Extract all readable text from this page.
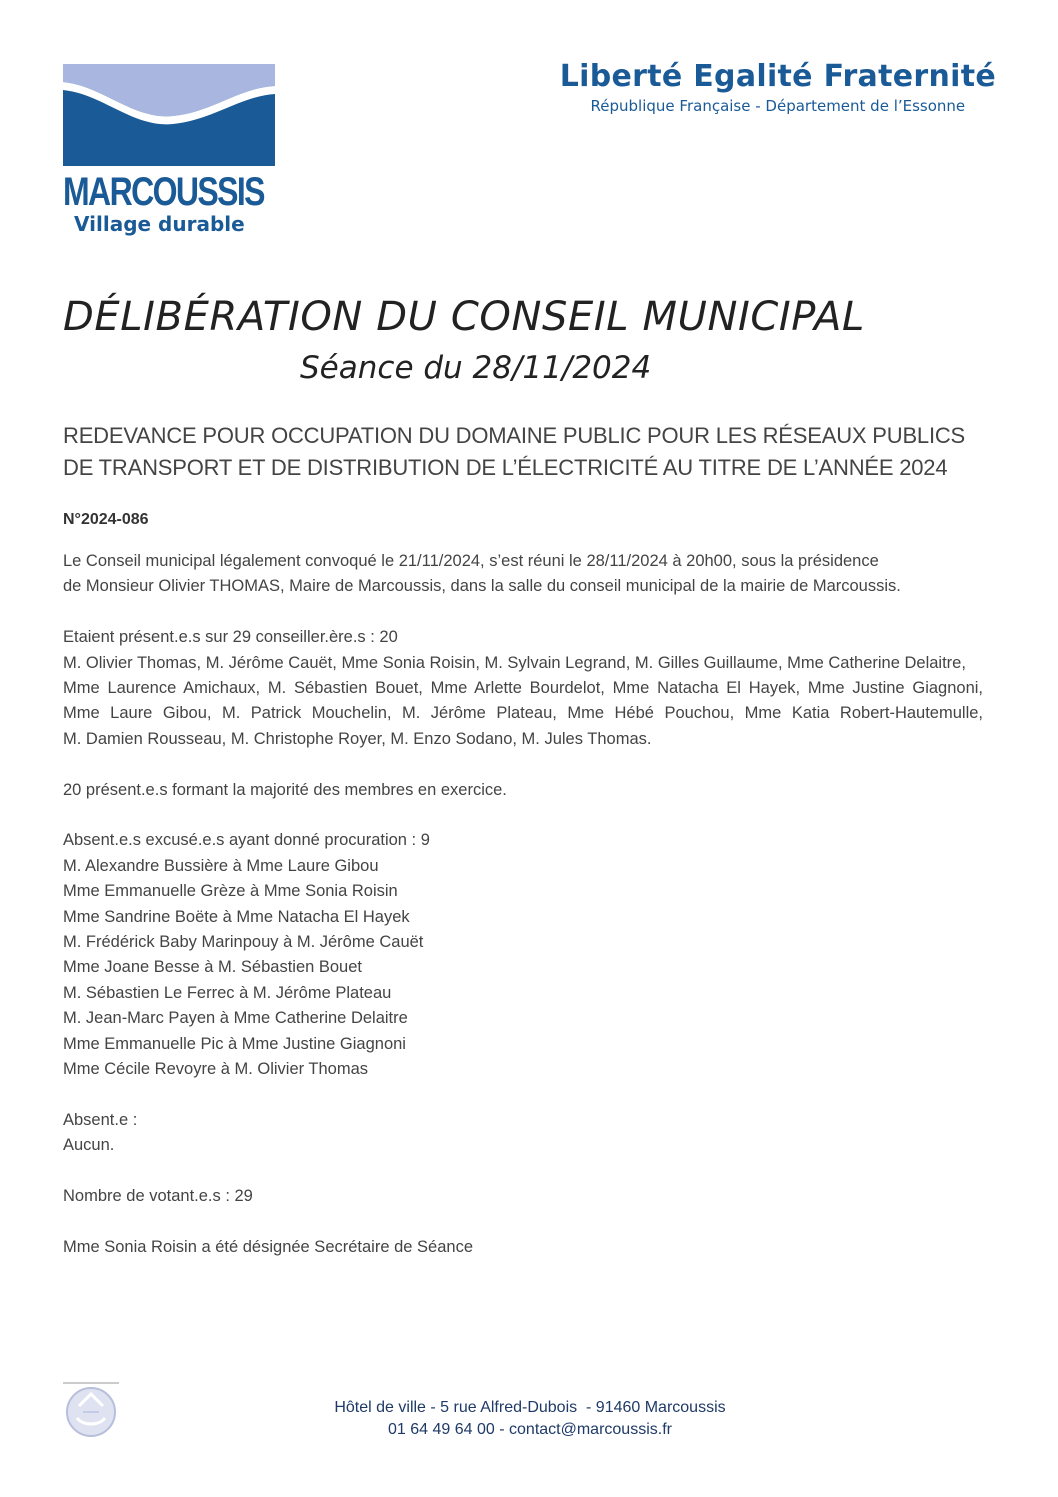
MARCOUSSIS
Village durable
Liberté Egalité Fraternité
République Française - Département de l’Essonne
DÉLIBÉRATION DU CONSEIL MUNICIPAL
Séance du 28/11/2024
REDEVANCE POUR OCCUPATION DU DOMAINE PUBLIC POUR LES RÉSEAUX PUBLICS DE TRANSPORT ET DE DISTRIBUTION DE L’ÉLECTRICITÉ AU TITRE DE L’ANNÉE 2024
N°2024-086
Le Conseil municipal légalement convoqué le 21/11/2024, s’est réuni le 28/11/2024 à 20h00, sous la présidence
de Monsieur Olivier THOMAS, Maire de Marcoussis, dans la salle du conseil municipal de la mairie de Marcoussis.
Etaient présent.e.s sur 29 conseiller.ère.s : 20
M. Olivier Thomas, M. Jérôme Cauët, Mme Sonia Roisin, M. Sylvain Legrand, M. Gilles Guillaume, Mme Catherine Delaitre,
Mme Laurence Amichaux, M. Sébastien Bouet, Mme Arlette Bourdelot, Mme Natacha El Hayek, Mme Justine Giagnoni,
Mme Laure Gibou, M. Patrick Mouchelin, M. Jérôme Plateau, Mme Hébé Pouchou, Mme Katia Robert-Hautemulle,
M. Damien Rousseau, M. Christophe Royer, M. Enzo Sodano, M. Jules Thomas.
20 présent.e.s formant la majorité des membres en exercice.
Absent.e.s excusé.e.s ayant donné procuration : 9
M. Alexandre Bussière à Mme Laure Gibou
Mme Emmanuelle Grèze à Mme Sonia Roisin
Mme Sandrine Boëte à Mme Natacha El Hayek
M. Frédérick Baby Marinpouy à M. Jérôme Cauët
Mme Joane Besse à M. Sébastien Bouet
M. Sébastien Le Ferrec à M. Jérôme Plateau
M. Jean-Marc Payen à Mme Catherine Delaitre
Mme Emmanuelle Pic à Mme Justine Giagnoni
Mme Cécile Revoyre à M. Olivier Thomas
Absent.e :
Aucun.
Nombre de votant.e.s : 29
Mme Sonia Roisin a été désignée Secrétaire de Séance
Hôtel de ville - 5 rue Alfred-Dubois  - 91460 Marcoussis
01 64 49 64 00 - contact@marcoussis.fr
